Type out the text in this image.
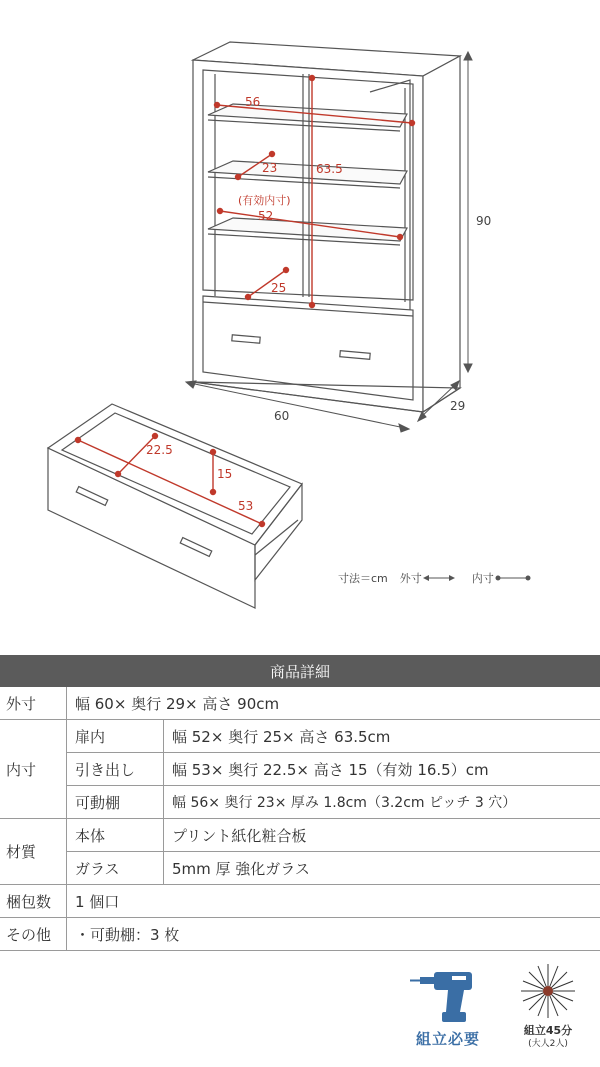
90
60
29
56
23	63.5
(有効内寸)
52
25
22.5
15
53
寸法＝cm 外寸	内寸
商品詳細		
外寸	幅 60× 奥行 29× 高さ 90cm	
内寸	扉内	幅 52× 奥行 25× 高さ 63.5cm
	引き出し	幅 53× 奥行 22.5× 高さ 15（有効 16.5）cm
	可動棚	幅 56× 奥行 23× 厚み 1.8cm（3.2cm ピッチ 3 穴）
材質	本体	プリント紙化粧合板
	ガラス	5mm 厚 強化ガラス
梱包数	1 個口	
その他	・可動棚：3 枚	
組立必要	組立45分
(大人2人)
